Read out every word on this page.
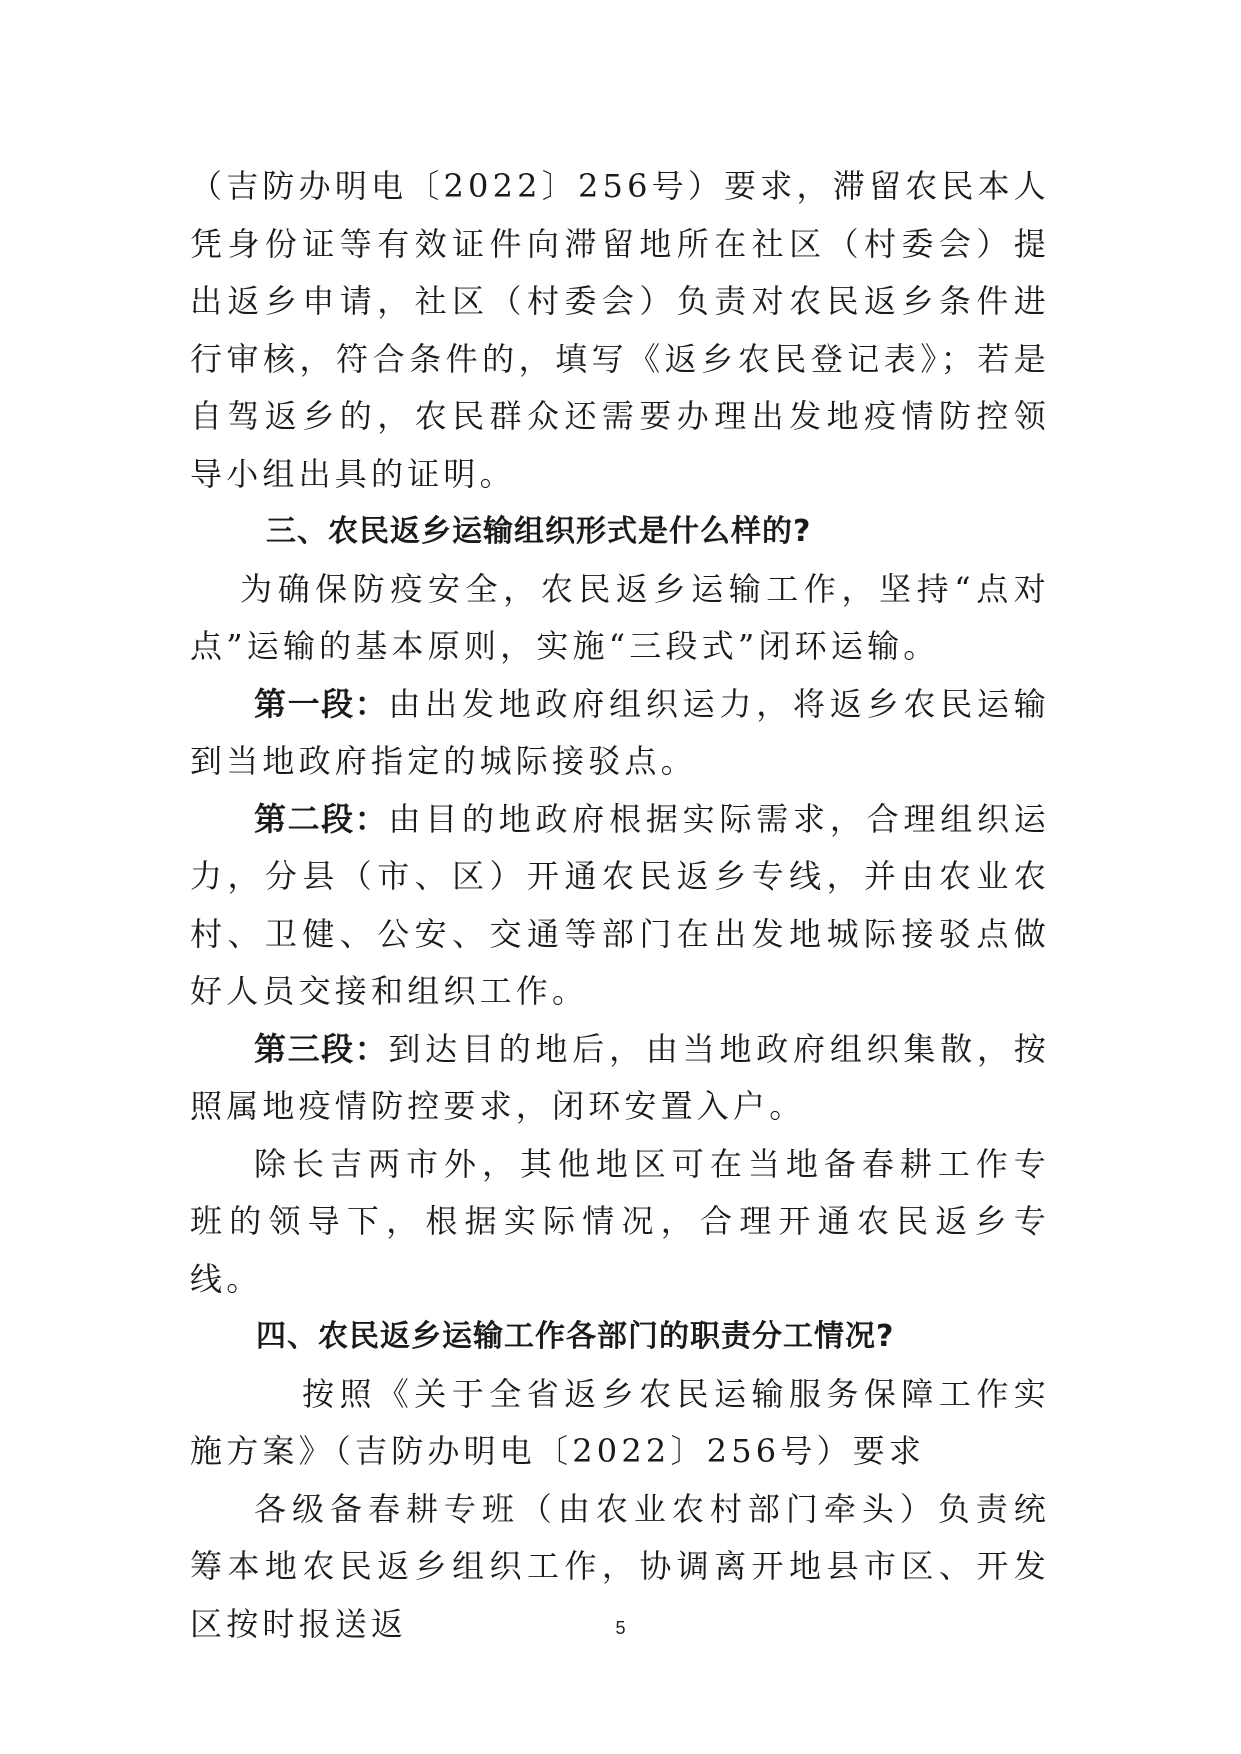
（吉防办明电〔2022〕256号）要求，滞留农民本人凭身份证等有效证件向滞留地所在社区（村委会）提出返乡申请，社区（村委会）负责对农民返乡条件进行审核，符合条件的，填写《返乡农民登记表》；若是自驾返乡的，农民群众还需要办理出发地疫情防控领导小组出具的证明。

三、农民返乡运输组织形式是什么样的?

为确保防疫安全，农民返乡运输工作，坚持“点对点”运输的基本原则，实施“三段式”闭环运输。

第一段：由出发地政府组织运力，将返乡农民运输到当地政府指定的城际接驳点。

第二段：由目的地政府根据实际需求，合理组织运力，分县（市、区）开通农民返乡专线，并由农业农村、卫健、公安、交通等部门在出发地城际接驳点做好人员交接和组织工作。

第三段：到达目的地后，由当地政府组织集散，按照属地疫情防控要求，闭环安置入户。

除长吉两市外，其他地区可在当地备春耕工作专班的领导下，根据实际情况，合理开通农民返乡专线。

四、农民返乡运输工作各部门的职责分工情况?

按照《关于全省返乡农民运输服务保障工作实施方案》（吉防办明电〔2022〕256号）要求

各级备春耕专班（由农业农村部门牵头）负责统筹本地农民返乡组织工作，协调离开地县市区、开发区按时报送返	5
